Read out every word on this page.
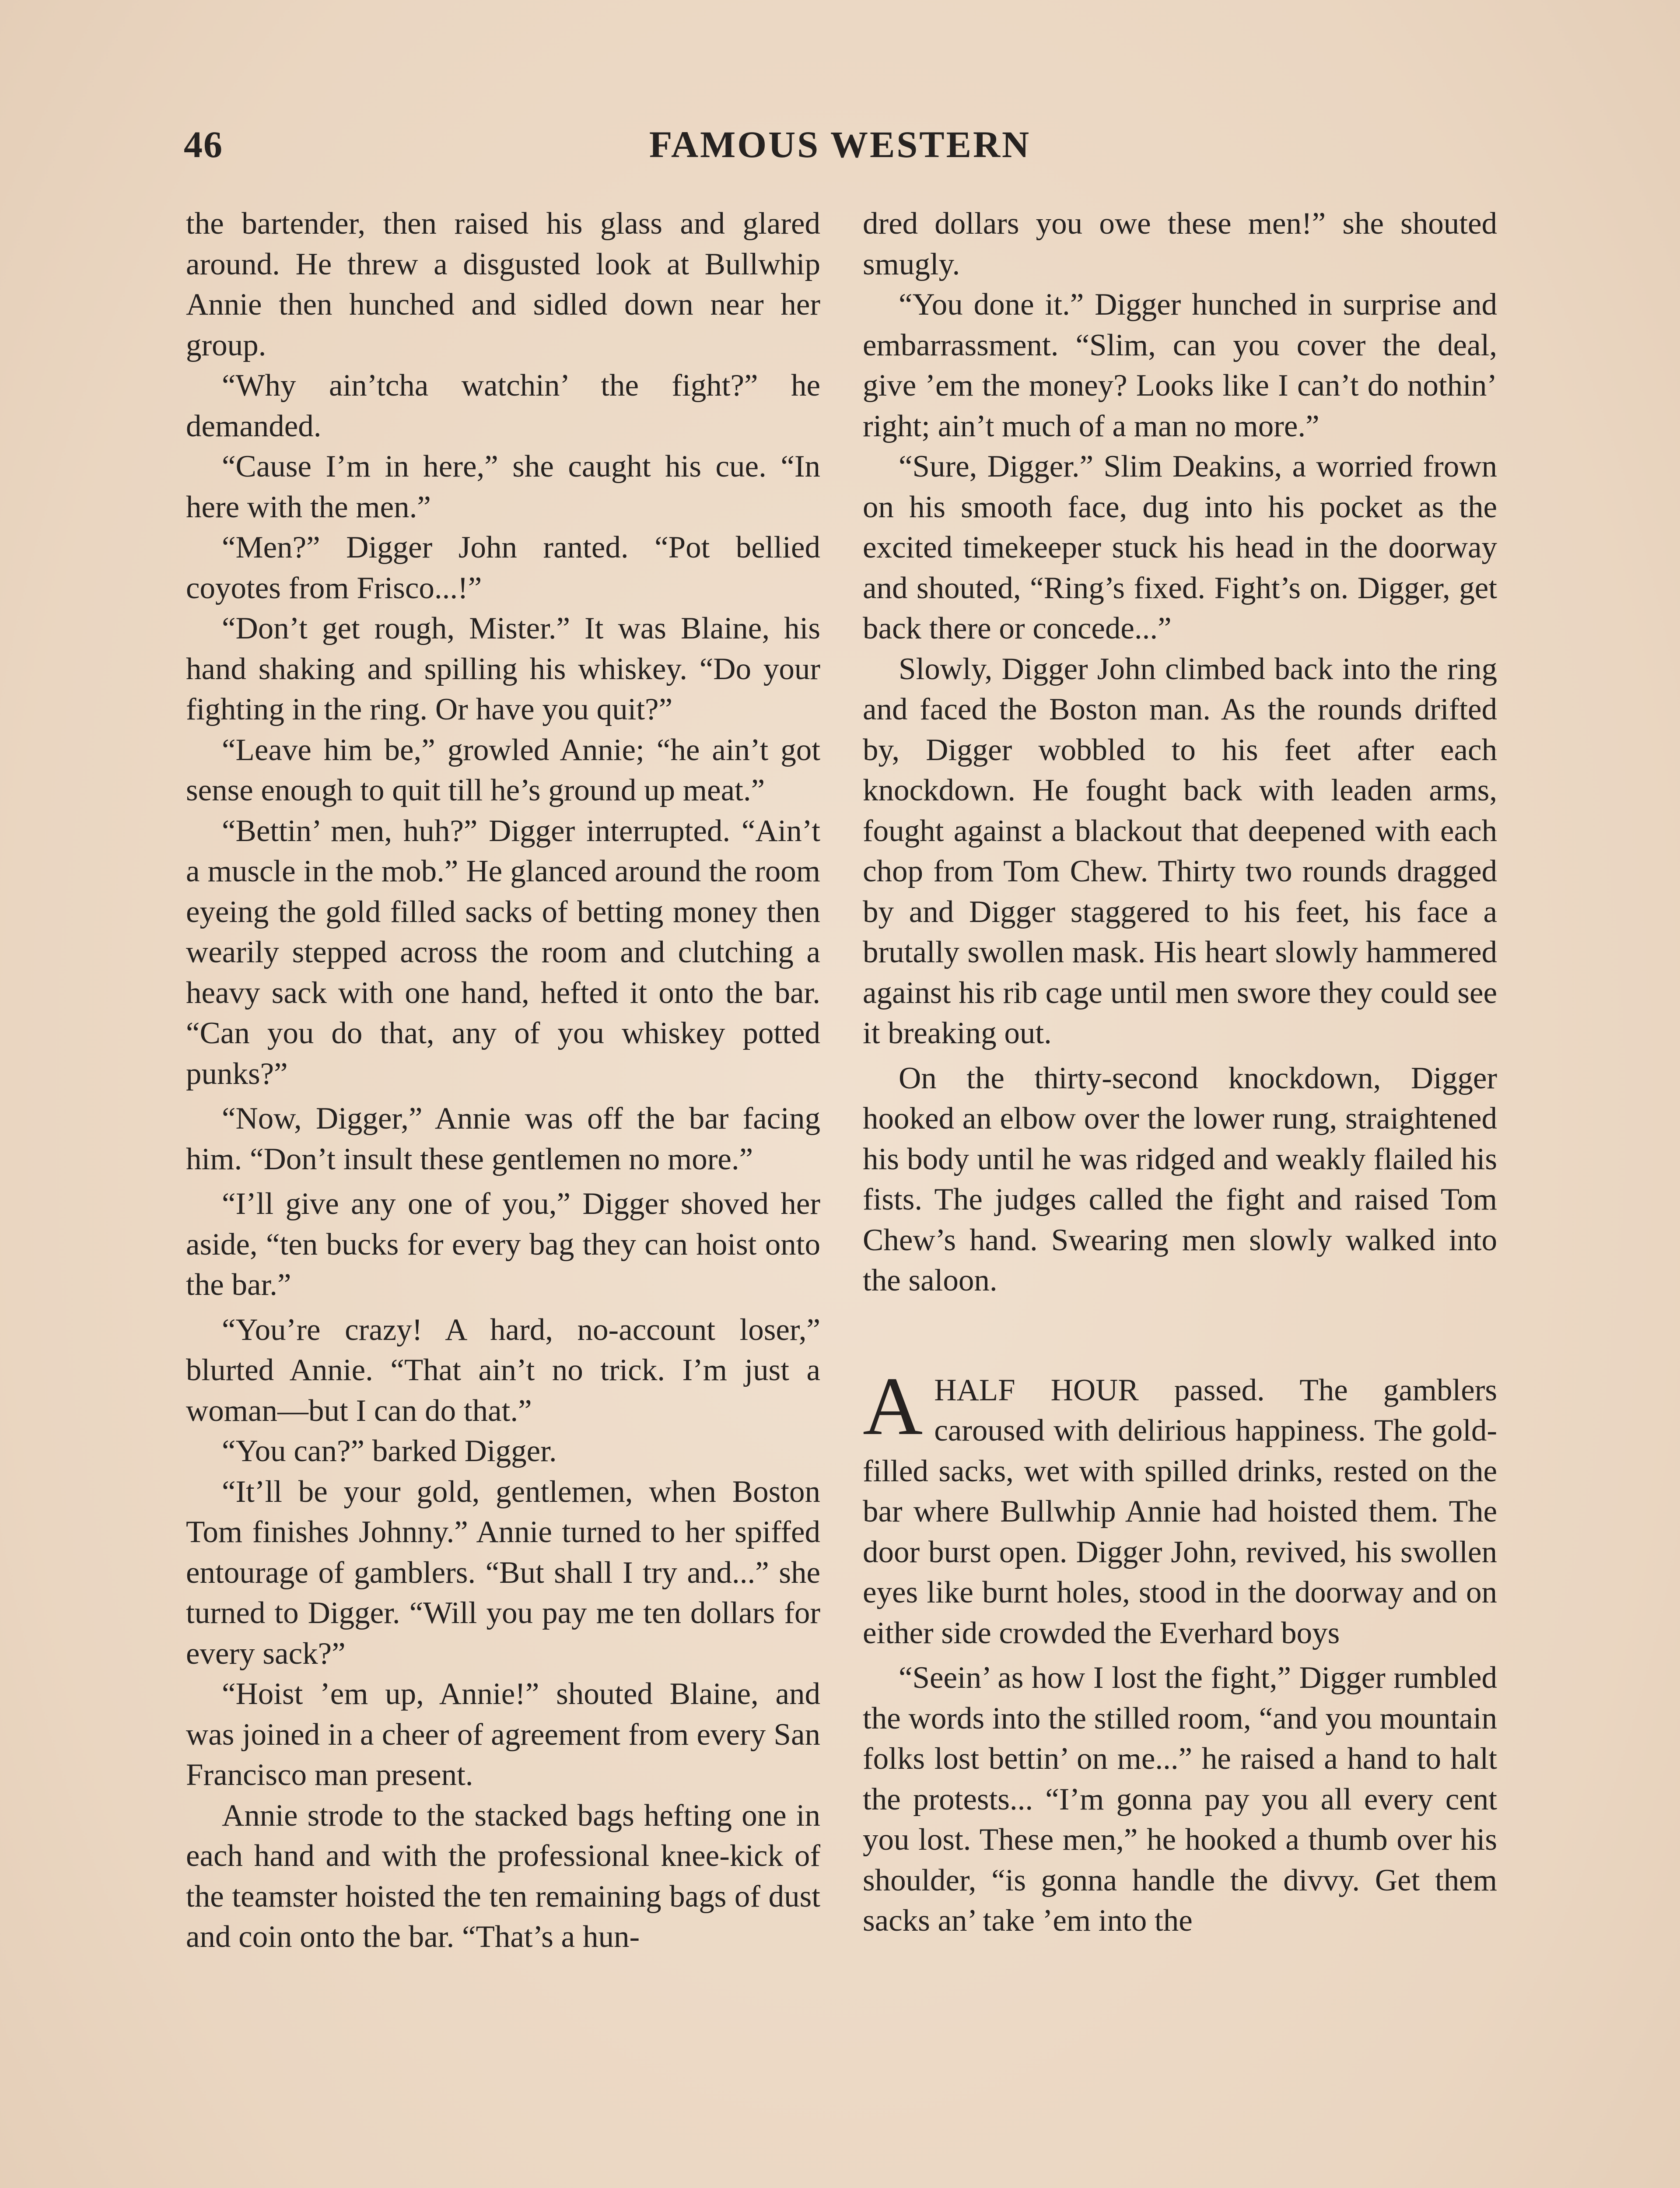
46	FAMOUS WESTERN

the bartender, then raised his glass and glared around. He threw a disgusted look at Bullwhip Annie then hunched and sidled down near her group.

“Why ain’tcha watchin’ the fight?” he demanded.

“Cause I’m in here,” she caught his cue. “In here with the men.”

“Men?” Digger John ranted. “Pot bellied coyotes from Frisco...!”

“Don’t get rough, Mister.” It was Blaine, his hand shaking and spilling his whiskey. “Do your fighting in the ring. Or have you quit?”

“Leave him be,” growled Annie; “he ain’t got sense enough to quit till he’s ground up meat.”

“Bettin’ men, huh?” Digger interrupted. “Ain’t a muscle in the mob.” He glanced around the room eyeing the gold filled sacks of betting money then wearily stepped across the room and clutching a heavy sack with one hand, hefted it onto the bar. “Can you do that, any of you whiskey potted punks?”

“Now, Digger,” Annie was off the bar facing him. “Don’t insult these gentlemen no more.”

“I’ll give any one of you,” Digger shoved her aside, “ten bucks for every bag they can hoist onto the bar.”

“You’re crazy! A hard, no-account loser,” blurted Annie. “That ain’t no trick. I’m just a woman—but I can do that.”

“You can?” barked Digger.

“It’ll be your gold, gentlemen, when Boston Tom finishes Johnny.” Annie turned to her spiffed entourage of gamblers. “But shall I try and...” she turned to Digger. “Will you pay me ten dollars for every sack?”

“Hoist ’em up, Annie!” shouted Blaine, and was joined in a cheer of agreement from every San Francisco man present.

Annie strode to the stacked bags hefting one in each hand and with the professional knee-kick of the teamster hoisted the ten remaining bags of dust and coin onto the bar. “That’s a hun-

dred dollars you owe these men!” she shouted smugly.

“You done it.” Digger hunched in surprise and embarrassment. “Slim, can you cover the deal, give ’em the money? Looks like I can’t do nothin’ right; ain’t much of a man no more.”

“Sure, Digger.” Slim Deakins, a worried frown on his smooth face, dug into his pocket as the excited timekeeper stuck his head in the doorway and shouted, “Ring’s fixed. Fight’s on. Digger, get back there or concede...”

Slowly, Digger John climbed back into the ring and faced the Boston man. As the rounds drifted by, Digger wobbled to his feet after each knockdown. He fought back with leaden arms, fought against a blackout that deepened with each chop from Tom Chew. Thirty two rounds dragged by and Digger staggered to his feet, his face a brutally swollen mask. His heart slowly hammered against his rib cage until men swore they could see it breaking out.

On the thirty-second knockdown, Digger hooked an elbow over the lower rung, straightened his body until he was ridged and weakly flailed his fists. The judges called the fight and raised Tom Chew’s hand. Swearing men slowly walked into the saloon.

AHALF HOUR passed. The gamblers caroused with delirious happiness. The gold-filled sacks, wet with spilled drinks, rested on the bar where Bullwhip Annie had hoisted them. The door burst open. Digger John, revived, his swollen eyes like burnt holes, stood in the doorway and on either side crowded the Everhard boys

“Seein’ as how I lost the fight,” Digger rumbled the words into the stilled room, “and you mountain folks lost bettin’ on me...” he raised a hand to halt the protests... “I’m gonna pay you all every cent you lost. These men,” he hooked a thumb over his shoulder, “is gonna handle the divvy. Get them sacks an’ take ’em into the
